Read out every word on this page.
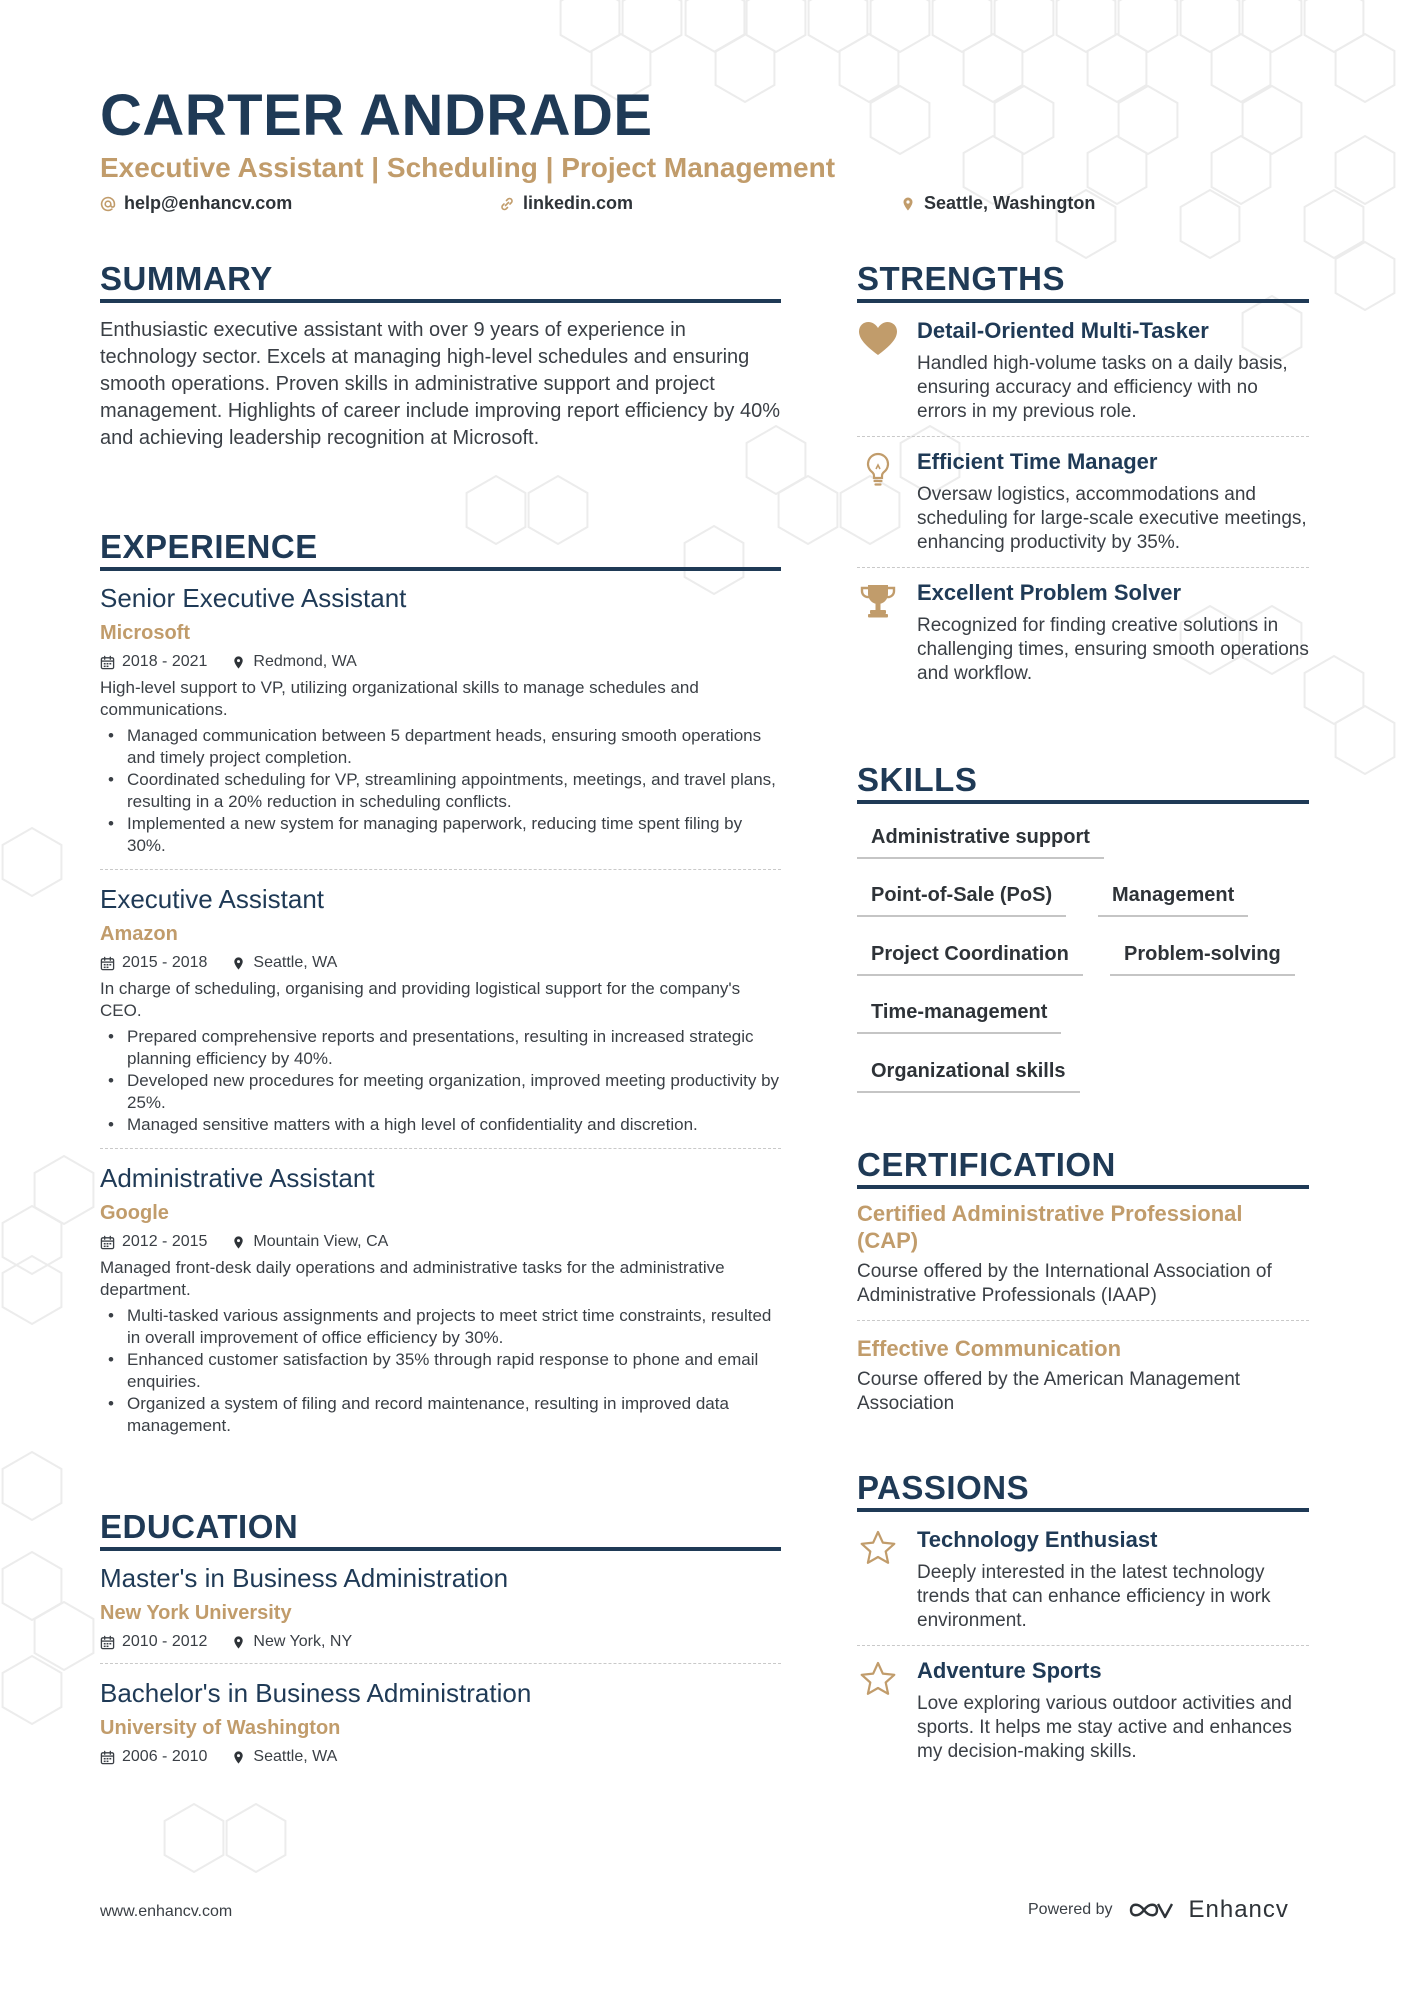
CARTER ANDRADE
Executive Assistant | Scheduling | Project Management
help@enhancv.com	linkedin.com	Seattle, Washington
SUMMARY
Enthusiastic executive assistant with over 9 years of experience in technology sector. Excels at managing high-level schedules and ensuring smooth operations. Proven skills in administrative support and project management. Highlights of career include improving report efficiency by 40% and achieving leadership recognition at Microsoft.
EXPERIENCE
Senior Executive Assistant
Microsoft
2018 - 2021	Redmond, WA
High-level support to VP, utilizing organizational skills to manage schedules and communications.
• Managed communication between 5 department heads, ensuring smooth operations and timely project completion.
• Coordinated scheduling for VP, streamlining appointments, meetings, and travel plans, resulting in a 20% reduction in scheduling conflicts.
• Implemented a new system for managing paperwork, reducing time spent filing by 30%.
Executive Assistant
Amazon
2015 - 2018	Seattle, WA
In charge of scheduling, organising and providing logistical support for the company's CEO.
• Prepared comprehensive reports and presentations, resulting in increased strategic planning efficiency by 40%.
• Developed new procedures for meeting organization, improved meeting productivity by 25%.
• Managed sensitive matters with a high level of confidentiality and discretion.
Administrative Assistant
Google
2012 - 2015	Mountain View, CA
Managed front-desk daily operations and administrative tasks for the administrative department.
• Multi-tasked various assignments and projects to meet strict time constraints, resulted in overall improvement of office efficiency by 30%.
• Enhanced customer satisfaction by 35% through rapid response to phone and email enquiries.
• Organized a system of filing and record maintenance, resulting in improved data management.
EDUCATION
Master's in Business Administration
New York University
2010 - 2012	New York, NY
Bachelor's in Business Administration
University of Washington
2006 - 2010	Seattle, WA
STRENGTHS
Detail-Oriented Multi-Tasker
Handled high-volume tasks on a daily basis, ensuring accuracy and efficiency with no errors in my previous role.
Efficient Time Manager
Oversaw logistics, accommodations and scheduling for large-scale executive meetings, enhancing productivity by 35%.
Excellent Problem Solver
Recognized for finding creative solutions in challenging times, ensuring smooth operations and workflow.
SKILLS
Administrative support
Point-of-Sale (PoS)	Management
Project Coordination	Problem-solving
Time-management
Organizational skills
CERTIFICATION
Certified Administrative Professional (CAP)
Course offered by the International Association of Administrative Professionals (IAAP)
Effective Communication
Course offered by the American Management Association
PASSIONS
Technology Enthusiast
Deeply interested in the latest technology trends that can enhance efficiency in work environment.
Adventure Sports
Love exploring various outdoor activities and sports. It helps me stay active and enhances my decision-making skills.
www.enhancv.com	Powered by	Enhancv
